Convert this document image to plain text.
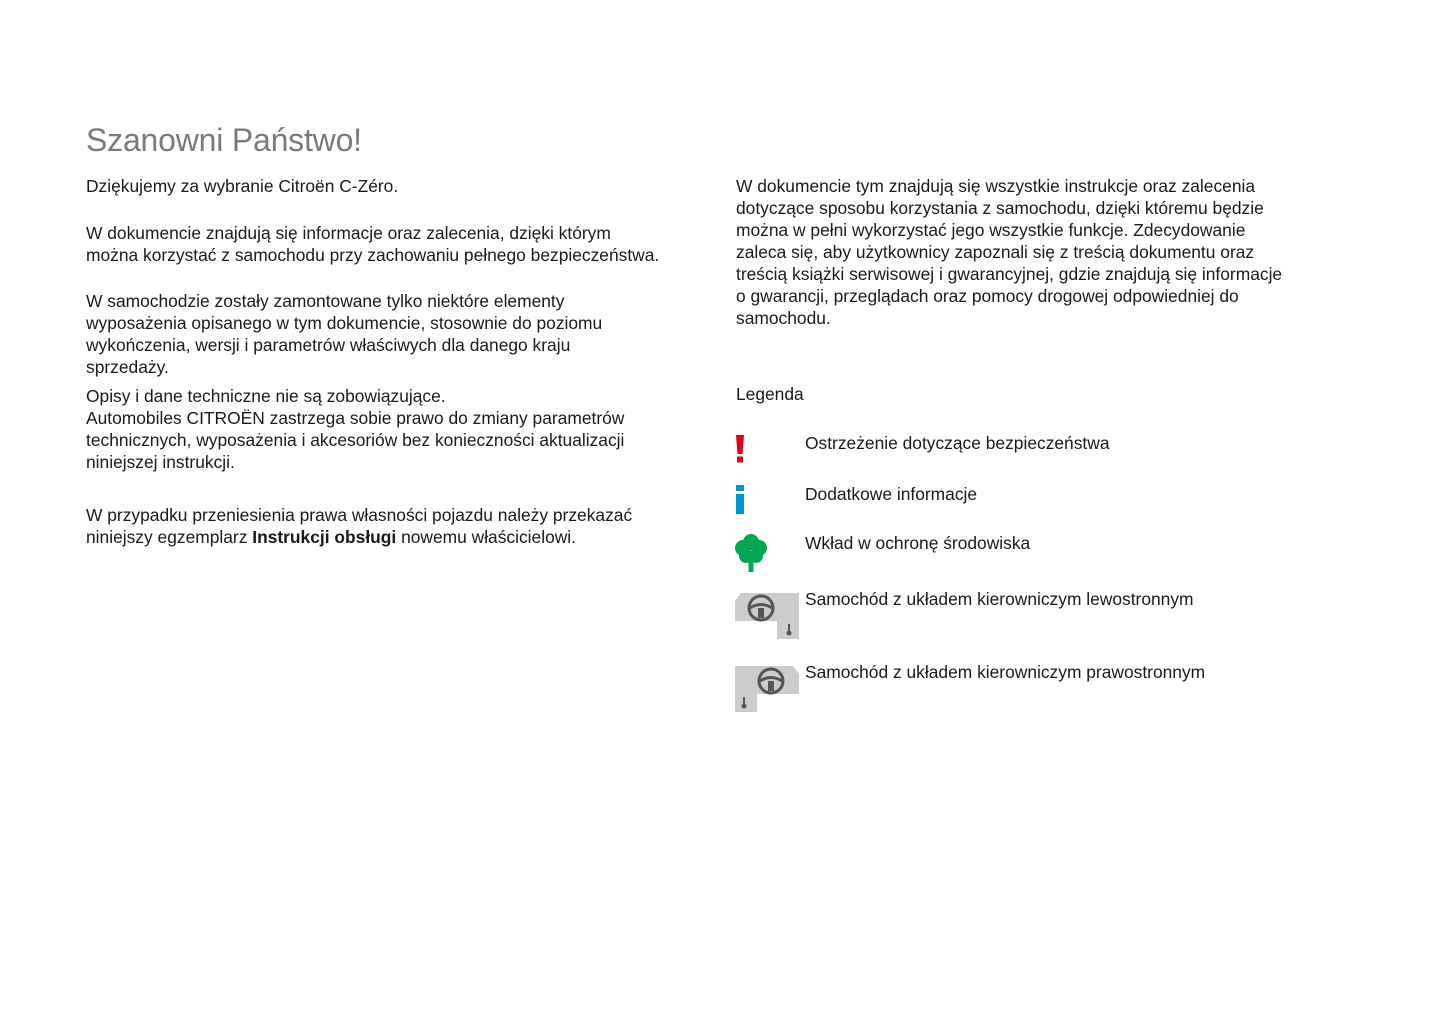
Szanowni Państwo!

Dziękujemy za wybranie Citroën C-Zéro.

W dokumencie znajdują się informacje oraz zalecenia, dzięki którym
można korzystać z samochodu przy zachowaniu pełnego bezpieczeństwa.

W samochodzie zostały zamontowane tylko niektóre elementy
wyposażenia opisanego w tym dokumencie, stosownie do poziomu
wykończenia, wersji i parametrów właściwych dla danego kraju
sprzedaży.

Opisy i dane techniczne nie są zobowiązujące.
Automobiles CITROËN zastrzega sobie prawo do zmiany parametrów
technicznych, wyposażenia i akcesoriów bez konieczności aktualizacji
niniejszej instrukcji.

W przypadku przeniesienia prawa własności pojazdu należy przekazać
niniejszy egzemplarz Instrukcji obsługi nowemu właścicielowi.

W dokumencie tym znajdują się wszystkie instrukcje oraz zalecenia
dotyczące sposobu korzystania z samochodu, dzięki któremu będzie
można w pełni wykorzystać jego wszystkie funkcje. Zdecydowanie
zaleca się, aby użytkownicy zapoznali się z treścią dokumentu oraz
treścią książki serwisowej i gwarancyjnej, gdzie znajdują się informacje
o gwarancji, przeglądach oraz pomocy drogowej odpowiedniej do
samochodu.

Legenda

Ostrzeżenie dotyczące bezpieczeństwa
Dodatkowe informacje
Wkład w ochronę środowiska
Samochód z układem kierowniczym lewostronnym
Samochód z układem kierowniczym prawostronnym
